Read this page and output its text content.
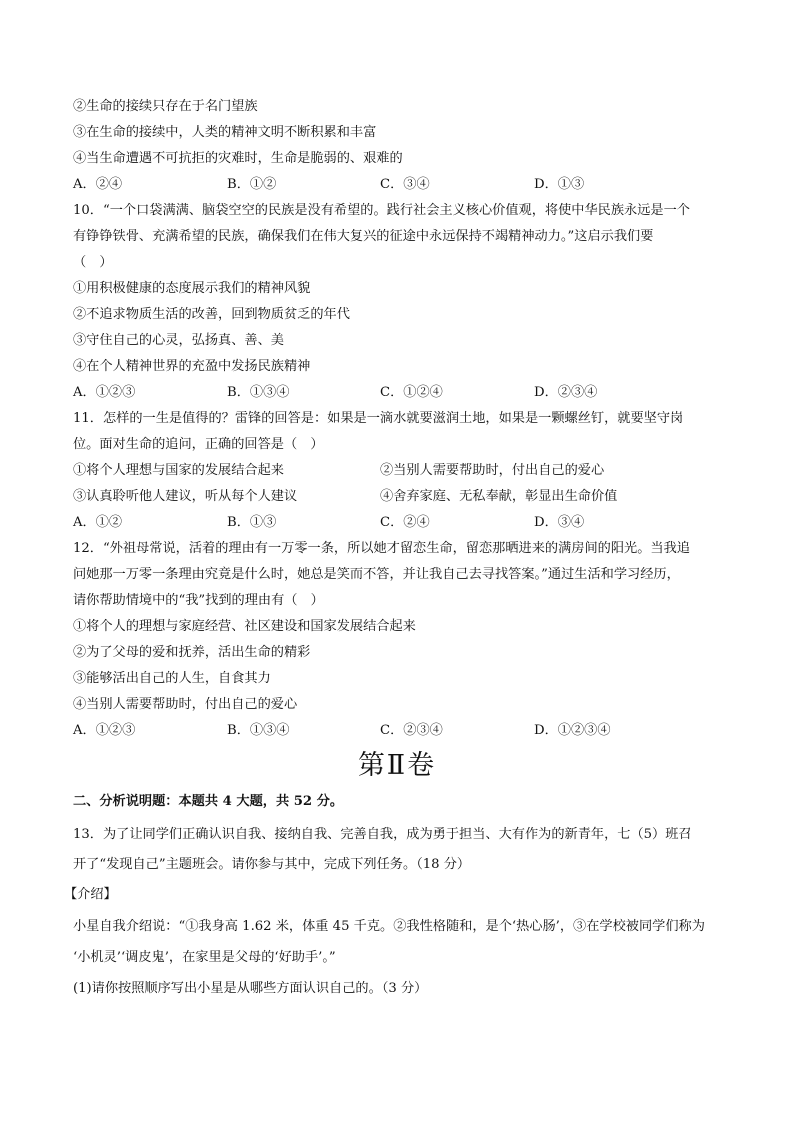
②生命的接续只存在于名门望族
③在生命的接续中，人类的精神文明不断积累和丰富
④当生命遭遇不可抗拒的灾难时，生命是脆弱的、艰难的
A．②④	B．①②	C．③④	D．①③
10．“一个口袋满满、脑袋空空的民族是没有希望的。践行社会主义核心价值观，将使中华民族永远是一个
有铮铮铁骨、充满希望的民族，确保我们在伟大复兴的征途中永远保持不竭精神动力。”这启示我们要
（　）
①用积极健康的态度展示我们的精神风貌
②不追求物质生活的改善，回到物质贫乏的年代
③守住自己的心灵，弘扬真、善、美
④在个人精神世界的充盈中发扬民族精神
A．①②③	B．①③④	C．①②④	D．②③④
11．怎样的一生是值得的？雷锋的回答是：如果是一滴水就要滋润土地，如果是一颗螺丝钉，就要坚守岗
位。面对生命的追问，正确的回答是（　）
①将个人理想与国家的发展结合起来	②当别人需要帮助时，付出自己的爱心
③认真聆听他人建议，听从每个人建议	④舍弃家庭、无私奉献，彰显出生命价值
A．①②	B．①③	C．②④	D．③④
12．“外祖母常说，活着的理由有一万零一条，所以她才留恋生命，留恋那晒进来的满房间的阳光。当我追
问她那一万零一条理由究竟是什么时，她总是笑而不答，并让我自己去寻找答案。”通过生活和学习经历，
请你帮助情境中的“我”找到的理由有（　）
①将个人的理想与家庭经营、社区建设和国家发展结合起来
②为了父母的爱和抚养，活出生命的精彩
③能够活出自己的人生，自食其力
④当别人需要帮助时，付出自己的爱心
A．①②③	B．①③④	C．②③④	D．①②③④
第Ⅱ卷
二、分析说明题：本题共 4 大题，共 52 分。
13．为了让同学们正确认识自我、接纳自我、完善自我，成为勇于担当、大有作为的新青年，七（5）班召
开了“发现自己”主题班会。请你参与其中，完成下列任务。（18 分）
【介绍】
小星自我介绍说：“①我身高 1.62 米，体重 45 千克。②我性格随和，是个‘热心肠’，③在学校被同学们称为
‘小机灵’‘调皮鬼’，在家里是父母的‘好助手’。”
(1)请你按照顺序写出小星是从哪些方面认识自己的。（3 分）
